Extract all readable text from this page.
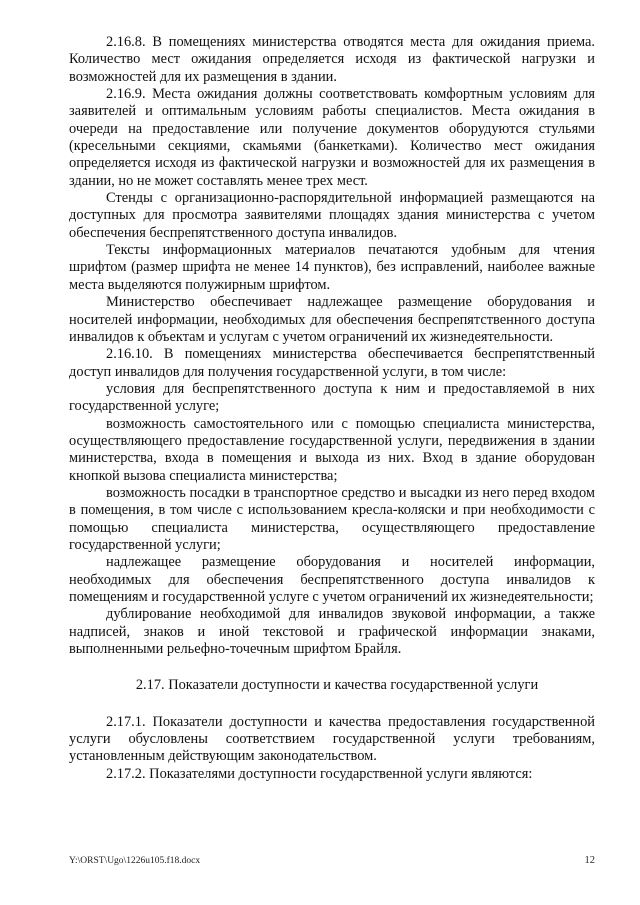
2.16.8. В помещениях министерства отводятся места для ожидания приема. Количество мест ожидания определяется исходя из фактической нагрузки и возможностей для их размещения в здании.

2.16.9. Места ожидания должны соответствовать комфортным условиям для заявителей и оптимальным условиям работы специалистов. Места ожидания в очереди на предоставление или получение документов оборудуются стульями (кресельными секциями, скамьями (банкетками). Количество мест ожидания определяется исходя из фактической нагрузки и возможностей для их размещения в здании, но не может составлять менее трех мест.

Стенды с организационно-распорядительной информацией размещаются на доступных для просмотра заявителями площадях здания министерства с учетом обеспечения беспрепятственного доступа инвалидов.

Тексты информационных материалов печатаются удобным для чтения шрифтом (размер шрифта не менее 14 пунктов), без исправлений, наиболее важные места выделяются полужирным шрифтом.

Министерство обеспечивает надлежащее размещение оборудования и носителей информации, необходимых для обеспечения беспрепятственного доступа инвалидов к объектам и услугам с учетом ограничений их жизнедеятельности.

2.16.10. В помещениях министерства обеспечивается беспрепятственный доступ инвалидов для получения государственной услуги, в том числе:

условия для беспрепятственного доступа к ним и предоставляемой в них государственной услуге;

возможность самостоятельного или с помощью специалиста министерства, осуществляющего предоставление государственной услуги, передвижения в здании министерства, входа в помещения и выхода из них. Вход в здание оборудован кнопкой вызова специалиста министерства;

возможность посадки в транспортное средство и высадки из него перед входом в помещения, в том числе с использованием кресла-коляски и при необходимости с помощью специалиста министерства, осуществляющего предоставление государственной услуги;

надлежащее размещение оборудования и носителей информации, необходимых для обеспечения беспрепятственного доступа инвалидов к помещениям и государственной услуге с учетом ограничений их жизнедеятельности;

дублирование необходимой для инвалидов звуковой информации, а также надписей, знаков и иной текстовой и графической информации знаками, выполненными рельефно-точечным шрифтом Брайля.

2.17. Показатели доступности и качества государственной услуги

2.17.1. Показатели доступности и качества предоставления государственной услуги обусловлены соответствием государственной услуги требованиям, установленным действующим законодательством.

2.17.2. Показателями доступности государственной услуги являются:

Y:\ORST\Ugo\1226u105.f18.docx	12
